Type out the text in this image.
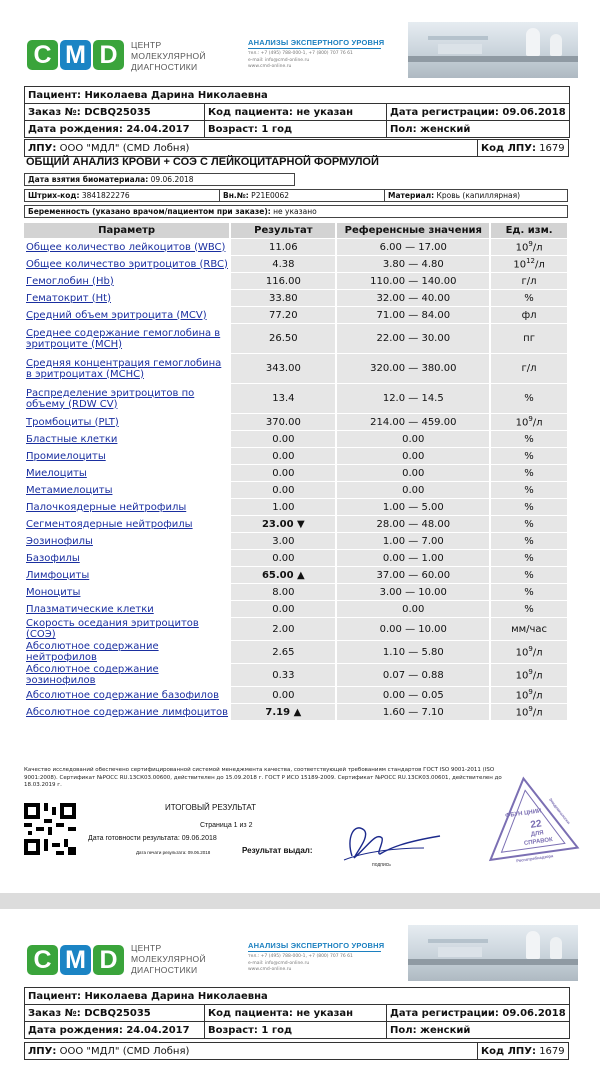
C M D	ЦЕНТР
МОЛЕКУЛЯРНОЙ
ДИАГНОСТИКИ
АНАЛИЗЫ ЭКСПЕРТНОГО УРОВНЯ
тел.: +7 (495) 788-000-1, +7 (800) 707 76 61
e-mail: info@cmd-online.ru
www.cmd-online.ru
Пациент: Николаева Дарина Николаевна		
Заказ №: DCBQ25035	Код пациента: не указан	Дата регистрации: 09.06.2018
Дата рождения: 24.04.2017	Возраст: 1 год	Пол: женский
ЛПУ: ООО "МДЛ" (CMD Лобня)	Код ЛПУ: 1679
ОБЩИЙ АНАЛИЗ КРОВИ + СОЭ С ЛЕЙКОЦИТАРНОЙ ФОРМУЛОЙ
Дата взятия биоматериала: 09.06.2018
Штрих-код: 3841822276	Вн.№: P21E0062	Материал: Кровь (капиллярная)
Беременность (указано врачом/пациентом при заказе): не указано
Параметр	Результат	Референсные значения	Ед. изм.
Общее количество лейкоцитов (WBC)	11.06	6.00 — 17.00	$10^9/л$
Общее количество эритроцитов (RBC)	4.38	3.80 — 4.80	$10^{12}/л$
Гемоглобин (Hb)	116.00	110.00 — 140.00	г/л
Гематокрит (Ht)	33.80	32.00 — 40.00	%
Средний объем эритроцита (MCV)	77.20	71.00 — 84.00	фл
Среднее содержание гемоглобина в эритроците (MCH)	26.50	22.00 — 30.00	пг
Средняя концентрация гемоглобина в эритроцитах (MCHC)	343.00	320.00 — 380.00	г/л
Распределение эритроцитов по объему (RDW CV)	13.4	12.0 — 14.5	%
Тромбоциты (PLT)	370.00	214.00 — 459.00	$10^9/л$
Бластные клетки	0.00	0.00	%
Промиелоциты	0.00	0.00	%
Миелоциты	0.00	0.00	%
Метамиелоциты	0.00	0.00	%
Палочкоядерные нейтрофилы	1.00	1.00 — 5.00	%
Сегментоядерные нейтрофилы	23.00 ▼	28.00 — 48.00	%
Эозинофилы	3.00	1.00 — 7.00	%
Базофилы	0.00	0.00 — 1.00	%
Лимфоциты	65.00 ▲	37.00 — 60.00	%
Моноциты	8.00	3.00 — 10.00	%
Плазматические клетки	0.00	0.00	%
Скорость оседания эритроцитов (СОЭ)	2.00	0.00 — 10.00	мм/час
Абсолютное содержание нейтрофилов	2.65	1.10 — 5.80	$10^9/л$
Абсолютное содержание эозинофилов	0.33	0.07 — 0.88	$10^9/л$
Абсолютное содержание базофилов	0.00	0.00 — 0.05	$10^9/л$
Абсолютное содержание лимфоцитов	7.19 ▲	1.60 — 7.10	$10^9/л$
Качество исследований обеспечено сертифицированной системой менеджмента качества, соответствующей требованиям стандартов ГОСТ ISO 9001-2011 (ISO 9001:2008). Сертификат №РОСС RU.13СК03.00600, действителен до 15.09.2018 г. ГОСТ Р ИСО 15189-2009. Сертификат №РОСС RU.13СК03.00601, действителен до 18.03.2019 г.
ИТОГОВЫЙ РЕЗУЛЬТАТ
Страница 1 из 2
Дата готовности результата: 09.06.2018
Дата печати результата: 09.06.2018	Результат выдал:
подпись
ФБУН ЦНИИ Эпидемиологии
Роспотребнадзора
22
ДЛЯ
СПРАВОК
C M D	ЦЕНТР
МОЛЕКУЛЯРНОЙ
ДИАГНОСТИКИ
АНАЛИЗЫ ЭКСПЕРТНОГО УРОВНЯ
тел.: +7 (495) 788-000-1, +7 (800) 707 76 61
e-mail: info@cmd-online.ru
www.cmd-online.ru
Пациент: Николаева Дарина Николаевна		
Заказ №: DCBQ25035	Код пациента: не указан	Дата регистрации: 09.06.2018
Дата рождения: 24.04.2017	Возраст: 1 год	Пол: женский
ЛПУ: ООО "МДЛ" (CMD Лобня)	Код ЛПУ: 1679
